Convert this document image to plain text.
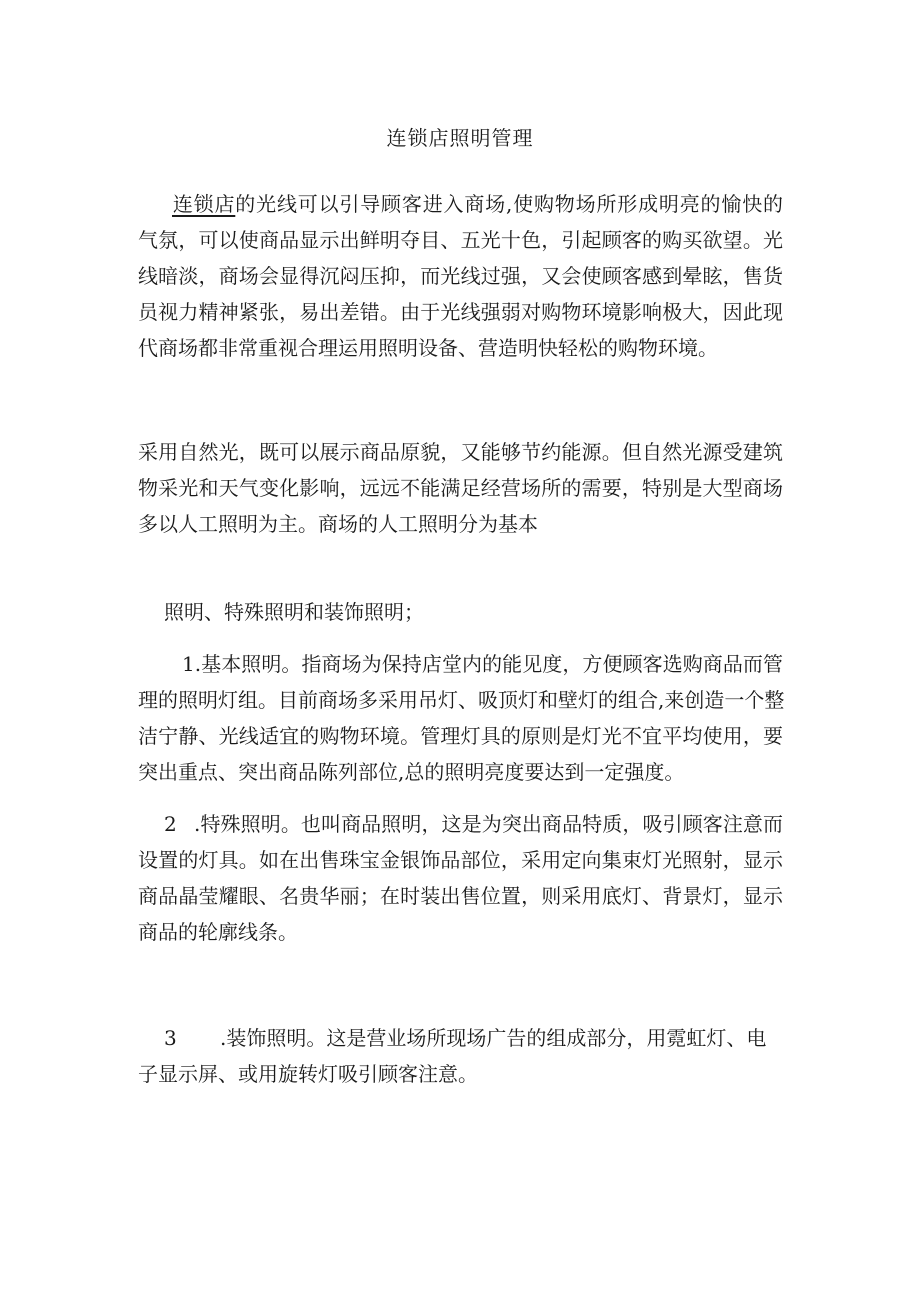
连锁店照明管理
连锁店的光线可以引导顾客进入商场,使购物场所形成明亮的愉快的
气氛，可以使商品显示出鲜明夺目、五光十色，引起顾客的购买欲望。光
线暗淡，商场会显得沉闷压抑，而光线过强，又会使顾客感到晕眩，售货
员视力精神紧张，易出差错。由于光线强弱对购物环境影响极大，因此现
代商场都非常重视合理运用照明设备、营造明快轻松的购物环境。
采用自然光，既可以展示商品原貌，又能够节约能源。但自然光源受建筑
物采光和天气变化影响，远远不能满足经营场所的需要，特别是大型商场
多以人工照明为主。商场的人工照明分为基本
照明、特殊照明和装饰照明；
1.基本照明。指商场为保持店堂内的能见度，方便顾客选购商品而管
理的照明灯组。目前商场多采用吊灯、吸顶灯和壁灯的组合,来创造一个整
洁宁静、光线适宜的购物环境。管理灯具的原则是灯光不宜平均使用，要
突出重点、突出商品陈列部位,总的照明亮度要达到一定强度。
2 .特殊照明。也叫商品照明，这是为突出商品特质，吸引顾客注意而
设置的灯具。如在出售珠宝金银饰品部位，采用定向集束灯光照射，显示
商品晶莹耀眼、名贵华丽；在时装出售位置，则采用底灯、背景灯，显示
商品的轮廓线条。
3 .装饰照明。这是营业场所现场广告的组成部分，用霓虹灯、电
子显示屏、或用旋转灯吸引顾客注意。
